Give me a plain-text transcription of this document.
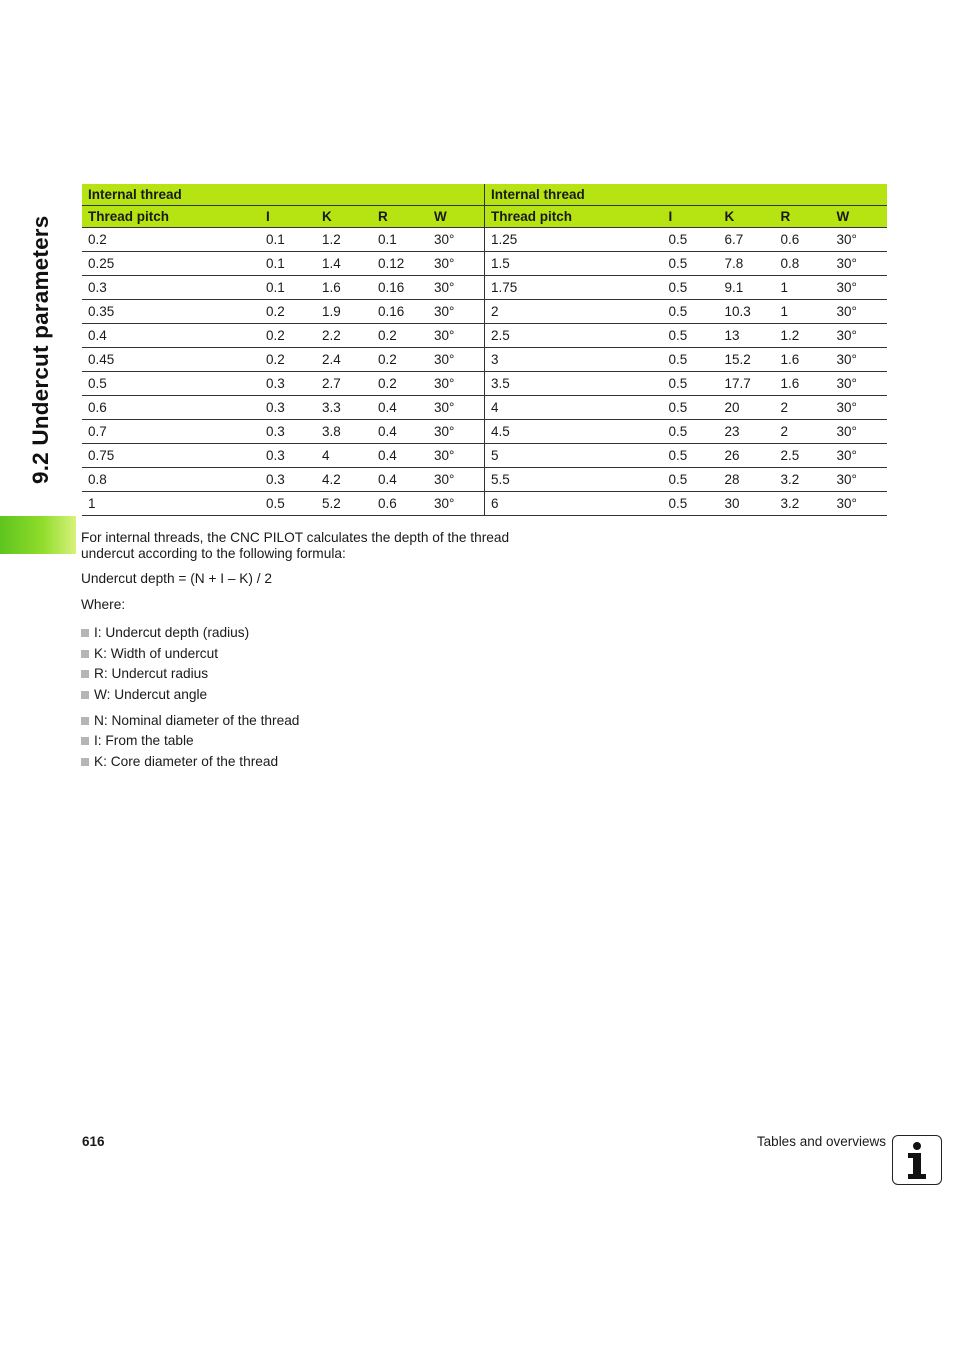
9.2 Undercut parameters
Internal thread				
Thread pitch	I	K	R	W
0.2	0.1	1.2	0.1	30°
0.25	0.1	1.4	0.12	30°
0.3	0.1	1.6	0.16	30°
0.35	0.2	1.9	0.16	30°
0.4	0.2	2.2	0.2	30°
0.45	0.2	2.4	0.2	30°
0.5	0.3	2.7	0.2	30°
0.6	0.3	3.3	0.4	30°
0.7	0.3	3.8	0.4	30°
0.75	0.3	4	0.4	30°
0.8	0.3	4.2	0.4	30°
1	0.5	5.2	0.6	30°
Internal thread				
Thread pitch	I	K	R	W
1.25	0.5	6.7	0.6	30°
1.5	0.5	7.8	0.8	30°
1.75	0.5	9.1	1	30°
2	0.5	10.3	1	30°
2.5	0.5	13	1.2	30°
3	0.5	15.2	1.6	30°
3.5	0.5	17.7	1.6	30°
4	0.5	20	2	30°
4.5	0.5	23	2	30°
5	0.5	26	2.5	30°
5.5	0.5	28	3.2	30°
6	0.5	30	3.2	30°

For internal threads, the CNC PILOT calculates the depth of the thread undercut according to the following formula:

Undercut depth = (N + I – K) / 2

Where:

I: Undercut depth (radius)
K: Width of undercut
R: Undercut radius
W: Undercut angle
N: Nominal diameter of the thread
I: From the table
K: Core diameter of the thread
616	Tables and overviews
